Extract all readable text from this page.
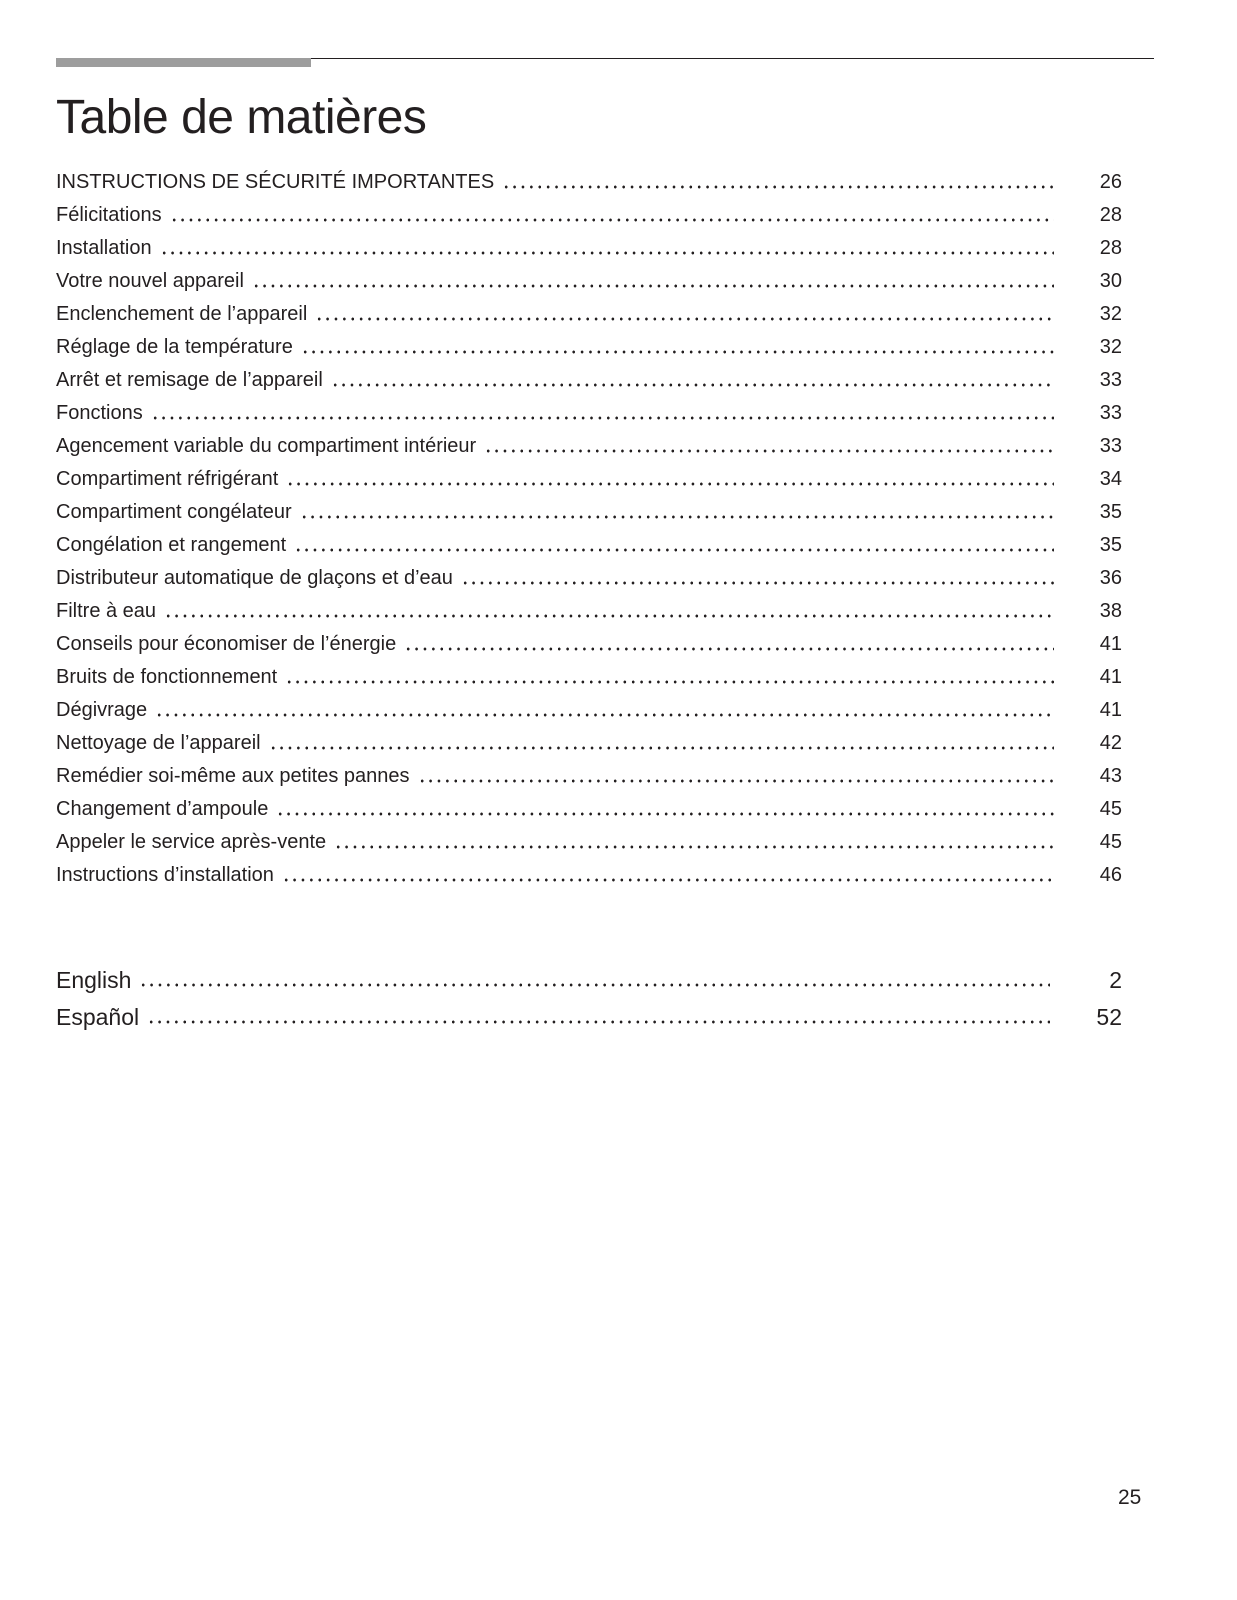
Table de matières
INSTRUCTIONS DE SÉCURITÉ IMPORTANTES	26
Félicitations	28
Installation	28
Votre nouvel appareil	30
Enclenchement de l’appareil	32
Réglage de la température	32
Arrêt et remisage de l’appareil	33
Fonctions	33
Agencement variable du compartiment intérieur	33
Compartiment réfrigérant	34
Compartiment congélateur	35
Congélation et rangement	35
Distributeur automatique de glaçons et d’eau	36
Filtre à eau	38
Conseils pour économiser de l’énergie	41
Bruits de fonctionnement	41
Dégivrage	41
Nettoyage de l’appareil	42
Remédier soi-même aux petites pannes	43
Changement d’ampoule	45
Appeler le service après-vente	45
Instructions d’installation	46
English	2
Español	52
25
